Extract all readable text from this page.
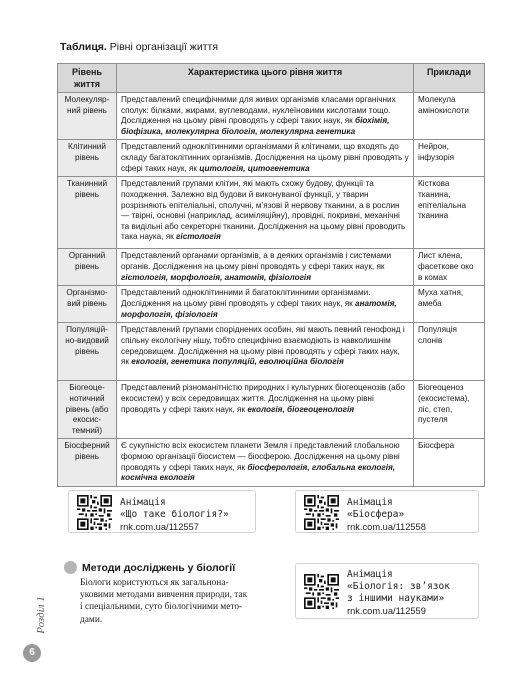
Таблиця. Рівні організації життя
Рівень життя	Характеристика цього рівня життя	Приклади
Молекуляр-ний рівень	Представлений специфічними для живих організмів класами органічних сполук: білками, жирами, вуглеводами, нуклеїновими кислотами тощо. Дослідження на цьому рівні проводять у сфері таких наук, як біохімія, біофізика, молекулярна біологія, молекулярна генетика	Молекула амінокислоти
Клітинний рівень	Представлений одноклітинними організмами й клітинами, що входять до складу багатоклітинних організмів. Дослідження на цьому рівні проводять у сфері таких наук, як цитологія, цитогенетика	Нейрон, інфузорія
Тканинний рівень	Представлений групами клітин, які мають схожу будову, функції та походження. Залежно від будови й виконуваної функції, у тварин розрізняють епітеліальні, сполучні, м’язові й нервову тканини, а в рослин — твірні, основні (наприклад, асиміляційну), провідні, покривні, механічні та видільні або секреторні тканини. Дослідження на цьому рівні проводить така наука, як гістологія	Кісткова тканина, епітеліальна тканина
Органний рівень	Представлений органами організмів, а в деяких організмів і системами органів. Дослідження на цьому рівні проводять у сфері таких наук, як гістологія, морфологія, анатомія, фізіологія	Лист клена, фасеткове око в комах
Організмо-вий рівень	Представлений одноклітинними й багатоклітинними організмами. Дослідження на цьому рівні проводять у сфері таких наук, як анатомія, морфологія, фізіологія	Муха хатня, амеба
Популяцій-но-видовий рівень	Представлений групами споріднених особин, які мають певний генофонд і спільну екологічну нішу, тобто специфічно взаємодіють із навколишнім середовищем. Дослідження на цьому рівні проводять у сфері таких наук, як екологія, генетика популяцій, еволюційна біологія	Популяція слонів
Біогеоце-нотичний рівень (або екосис-темний)	Представлений різноманітністю природних і культурних біогеоценозів (або екосистем) у всіх середовищах життя. Дослідження на цьому рівні проводять у сфері таких наук, як екологія, біогеоценологія	Біогеоценоз (екосистема), ліс, степ, пустеля
Біосферний рівень	Є сукупністю всіх екосистем планети Земля і представлений глобальною формою організації біосистем — біосферою. Дослідження на цьому рівні проводять у сфері таких наук, як біосферологія, глобальна екологія, космічна екологія	Біосфера
Анімація
«Що таке біологія?»
rnk.com.ua/112557
Анімація
«Біосфера»
rnk.com.ua/112558
Анімація
«Біологія: зв’язок
з іншими науками»
rnk.com.ua/112559
Методи досліджень у біології
Біологи користуються як загальнона-
уковими методами вивчення природи, так
і спеціальними, суто біологічними мето-
дами.
Розділ 1
6
